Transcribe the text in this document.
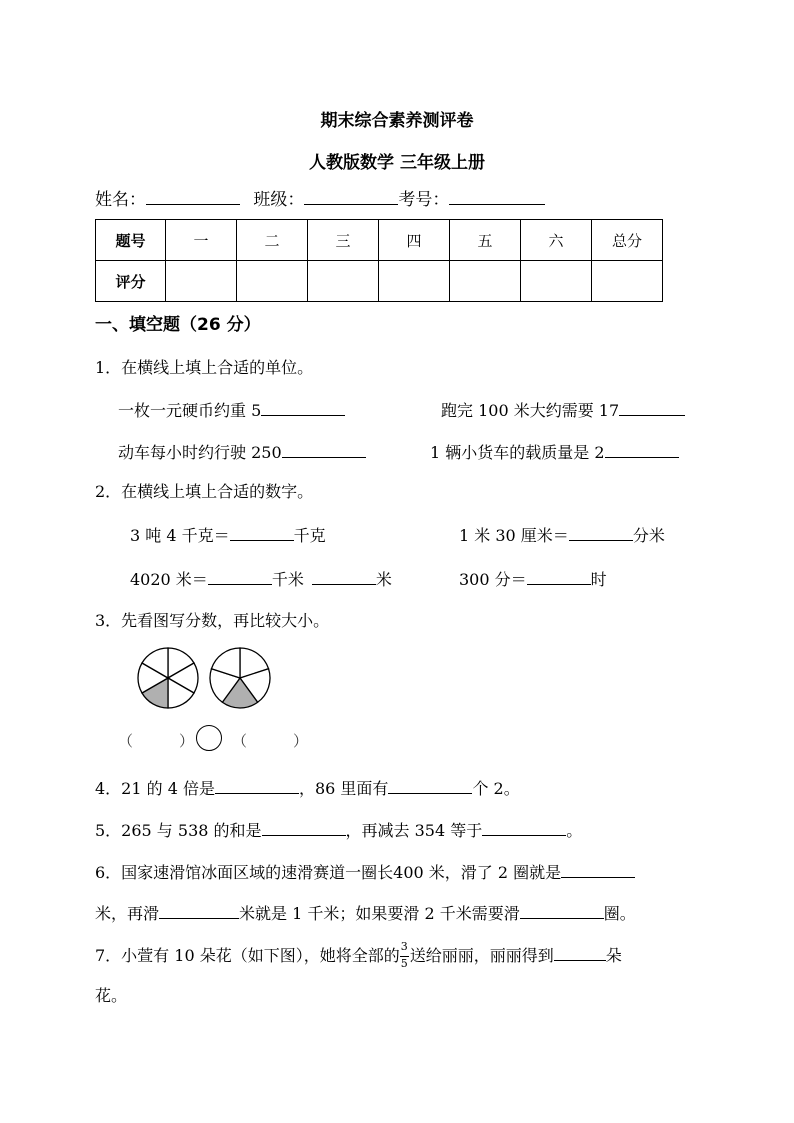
期末综合素养测评卷
人教版数学 三年级上册
姓名：	班级：	考号：
题号	一	二	三	四	五	六	总分
评分							
一、填空题（26 分）
1．在横线上填上合适的单位。
一枚一元硬币约重 5	跑完 100 米大约需要 17
动车每小时约行驶 250	1 辆小货车的载质量是 2
2．在横线上填上合适的数字。
3 吨 4 千克＝	千克	1 米 30 厘米＝	分米
4020 米＝	千米	米	300 分＝	时
3．先看图写分数，再比较大小。
（	）	（	）
4．21 的 4 倍是	，86 里面有	个 2。
5．265 与 538 的和是	，再减去 354 等于	。
6．国家速滑馆冰面区域的速滑赛道一圈长400 米，滑了 2 圈就是
米，再滑	米就是 1 千米；如果要滑 2 千米需要滑	圈。
7．小萱有 10 朵花（如下图），她将全部的 $\frac{3}{5}$ 送给丽丽，丽丽得到	朵
花。
